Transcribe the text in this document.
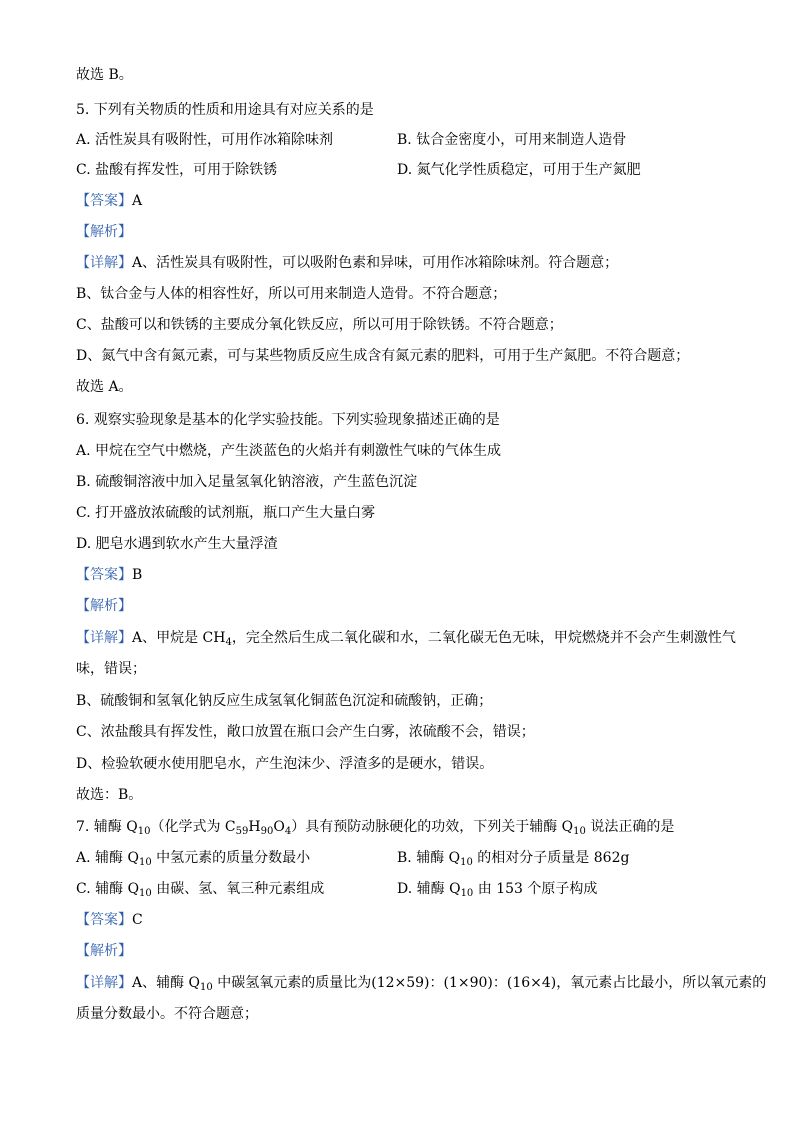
故选 B。
5. 下列有关物质的性质和用途具有对应关系的是
A. 活性炭具有吸附性，可用作冰箱除味剂	B. 钛合金密度小，可用来制造人造骨
C. 盐酸有挥发性，可用于除铁锈	D. 氮气化学性质稳定，可用于生产氮肥
【答案】A
【解析】
【详解】A、活性炭具有吸附性，可以吸附色素和异味，可用作冰箱除味剂。符合题意；
B、钛合金与人体的相容性好，所以可用来制造人造骨。不符合题意；
C、盐酸可以和铁锈的主要成分氧化铁反应，所以可用于除铁锈。不符合题意；
D、氮气中含有氮元素，可与某些物质反应生成含有氮元素的肥料，可用于生产氮肥。不符合题意；
故选 A。
6. 观察实验现象是基本的化学实验技能。下列实验现象描述正确的是
A. 甲烷在空气中燃烧，产生淡蓝色的火焰并有刺激性气味的气体生成
B. 硫酸铜溶液中加入足量氢氧化钠溶液，产生蓝色沉淀
C. 打开盛放浓硫酸的试剂瓶，瓶口产生大量白雾
D. 肥皂水遇到软水产生大量浮渣
【答案】B
【解析】
【详解】A、甲烷是 $CH_4$，完全然后生成二氧化碳和水，二氧化碳无色无味，甲烷燃烧并不会产生刺激性气
味，错误；
B、硫酸铜和氢氧化钠反应生成氢氧化铜蓝色沉淀和硫酸钠，正确；
C、浓盐酸具有挥发性，敞口放置在瓶口会产生白雾，浓硫酸不会，错误；
D、检验软硬水使用肥皂水，产生泡沫少、浮渣多的是硬水，错误。
故选：B。
7. 辅酶 $Q_{10}$（化学式为 $C_{59}H_{90}O_4$）具有预防动脉硬化的功效，下列关于辅酶 $Q_{10}$ 说法正确的是
A. 辅酶 $Q_{10}$ 中氢元素的质量分数最小	B. 辅酶 $Q_{10}$ 的相对分子质量是 862g
C. 辅酶 $Q_{10}$ 由碳、氢、氧三种元素组成	D. 辅酶 $Q_{10}$ 由 153 个原子构成
【答案】C
【解析】
【详解】A、辅酶 $Q_{10}$ 中碳氢氧元素的质量比为(12×59)：(1×90)：(16×4)，氧元素占比最小，所以氧元素的
质量分数最小。不符合题意；
